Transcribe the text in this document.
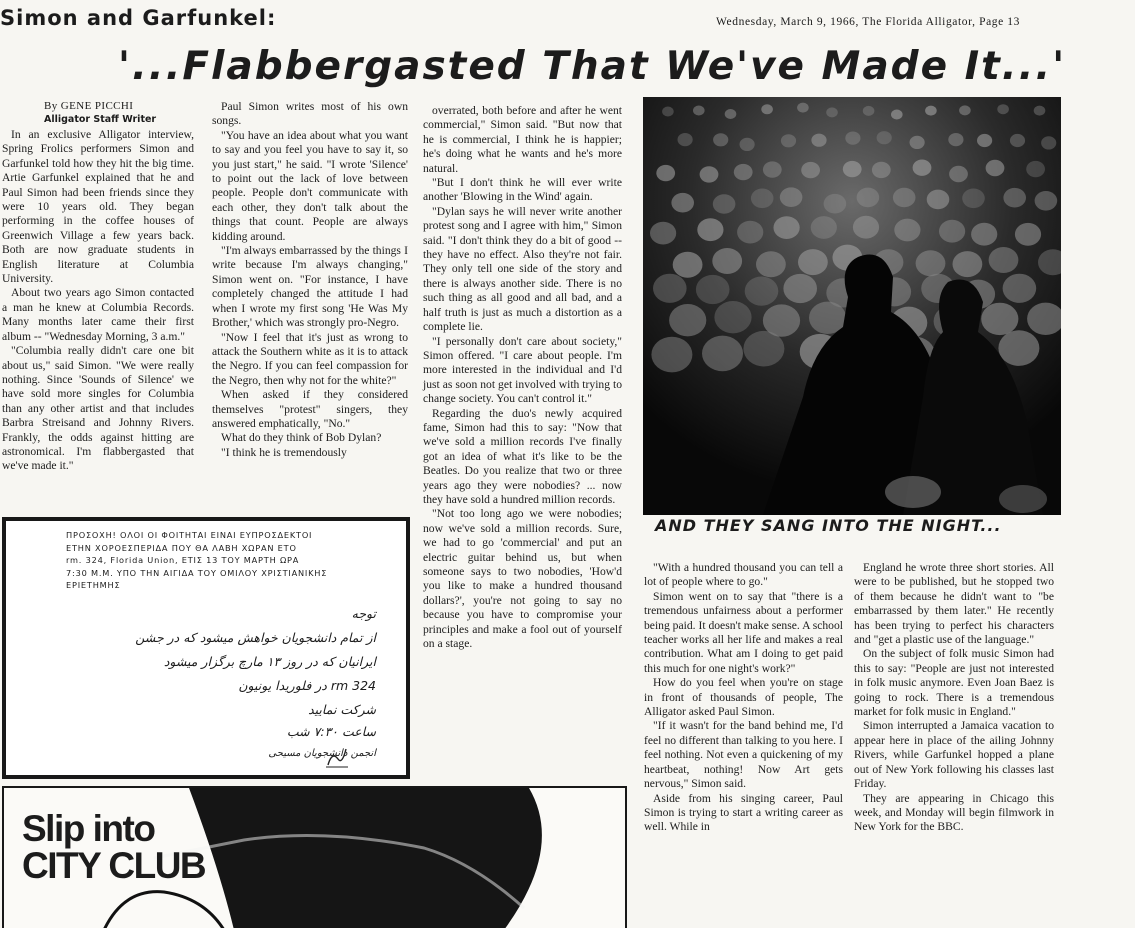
Simon and Garfunkel:	Wednesday, March 9, 1966, The Florida Alligator, Page 13
'...Flabbergasted That We've Made It...'
By GENE PICCHI
Alligator Staff Writer

In an exclusive Alligator interview, Spring Frolics performers Simon and Garfunkel told how they hit the big time. Artie Garfunkel explained that he and Paul Simon had been friends since they were 10 years old. They began performing in the coffee houses of Greenwich Village a few years back. Both are now graduate students in English literature at Columbia University.

About two years ago Simon contacted a man he knew at Columbia Records. Many months later came their first album -- "Wednesday Morning, 3 a.m."

"Columbia really didn't care one bit about us," said Simon. "We were really nothing. Since 'Sounds of Silence' we have sold more singles for Columbia than any other artist and that includes Barbra Streisand and Johnny Rivers. Frankly, the odds against hitting are astronomical. I'm flabbergasted that we've made it."

Paul Simon writes most of his own songs.

"You have an idea about what you want to say and you feel you have to say it, so you just start," he said. "I wrote 'Silence' to point out the lack of love between people. People don't communicate with each other, they don't talk about the things that count. People are always kidding around.

"I'm always embarrassed by the things I write because I'm always changing," Simon went on. "For instance, I have completely changed the attitude I had when I wrote my first song 'He Was My Brother,' which was strongly pro-Negro.

"Now I feel that it's just as wrong to attack the Southern white as it is to attack the Negro. If you can feel compassion for the Negro, then why not for the white?"

When asked if they considered themselves "protest" singers, they answered emphatically, "No."

What do they think of Bob Dylan?

"I think he is tremendously

overrated, both before and after he went commercial," Simon said. "But now that he is commercial, I think he is happier; he's doing what he wants and he's more natural.

"But I don't think he will ever write another 'Blowing in the Wind' again.

"Dylan says he will never write another protest song and I agree with him," Simon said. "I don't think they do a bit of good -- they have no effect. Also they're not fair. They only tell one side of the story and there is always another side. There is no such thing as all good and all bad, and a half truth is just as much a distortion as a complete lie.

"I personally don't care about society," Simon offered. "I care about people. I'm more interested in the individual and I'd just as soon not get involved with trying to change society. You can't control it."

Regarding the duo's newly acquired fame, Simon had this to say: "Now that we've sold a million records I've finally got an idea of what it's like to be the Beatles. Do you realize that two or three years ago they were nobodies? ... now they have sold a hundred million records.

"Not too long ago we were nobodies; now we've sold a million records. Sure, we had to go 'commercial' and put an electric guitar behind us, but when someone says to two nobodies, 'How'd you like to make a hundred thousand dollars?', you're not going to say no because you have to compromise your principles and make a fool out of yourself on a stage.

AND THEY SANG INTO THE NIGHT...

"With a hundred thousand you can tell a lot of people where to go."

Simon went on to say that "there is a tremendous unfairness about a performer being paid. It doesn't make sense. A school teacher works all her life and makes a real contribution. What am I doing to get paid this much for one night's work?"

How do you feel when you're on stage in front of thousands of people, The Alligator asked Paul Simon.

"If it wasn't for the band behind me, I'd feel no different than talking to you here. I feel nothing. Not even a quickening of my heartbeat, nothing! Now Art gets nervous," Simon said.

Aside from his singing career, Paul Simon is trying to start a writing career as well. While in

England he wrote three short stories. All were to be published, but he stopped two of them because he didn't want to "be embarrassed by them later." He recently has been trying to perfect his characters and "get a plastic use of the language."

On the subject of folk music Simon had this to say: "People are just not interested in folk music anymore. Even Joan Baez is going to rock. There is a tremendous market for folk music in England."

Simon interrupted a Jamaica vacation to appear here in place of the ailing Johnny Rivers, while Garfunkel hopped a plane out of New York following his classes last Friday.

They are appearing in Chicago this week, and Monday will begin filmwork in New York for the BBC.

ΠΡΟΣΟΧΗ! ΟΛΟΙ ΟΙ ΦΟΙΤΗΤΑΙ ΕΙΝΑΙ ΕΥΠΡΟΣΔΕΚΤΟΙ
ΕΤΗΝ ΧΟΡΟΕΣΠΕΡΙΔΑ ΠΟΥ ΘΑ ΛΑΒΗ ΧΩΡΑΝ ΕΤΟ
rm. 324, Florida Union, ΕΤΙΣ 13 ΤΟΥ ΜΑΡΤΗ ΩΡΑ
7:30 M.M. ΥΠΟ ΤΗΝ ΑΙΓΙΔΑ ΤΟΥ ΟΜΙΛΟΥ ΧΡΙΣΤΙΑΝΙΚΗΣ
ΕΡΙΕΤΗΜΗΣ
توجه
از تمام دانشجویان خواهش میشود که در جشن
ایرانیان که در روز ۱۳ مارچ برگزار میشود
rm 324 در فلوریدا یونیون
شرکت نمایید
ساعت ۷:۳۰ شب
انجمن دانشجویان مسیحی
Slip into
CITY CLUB
